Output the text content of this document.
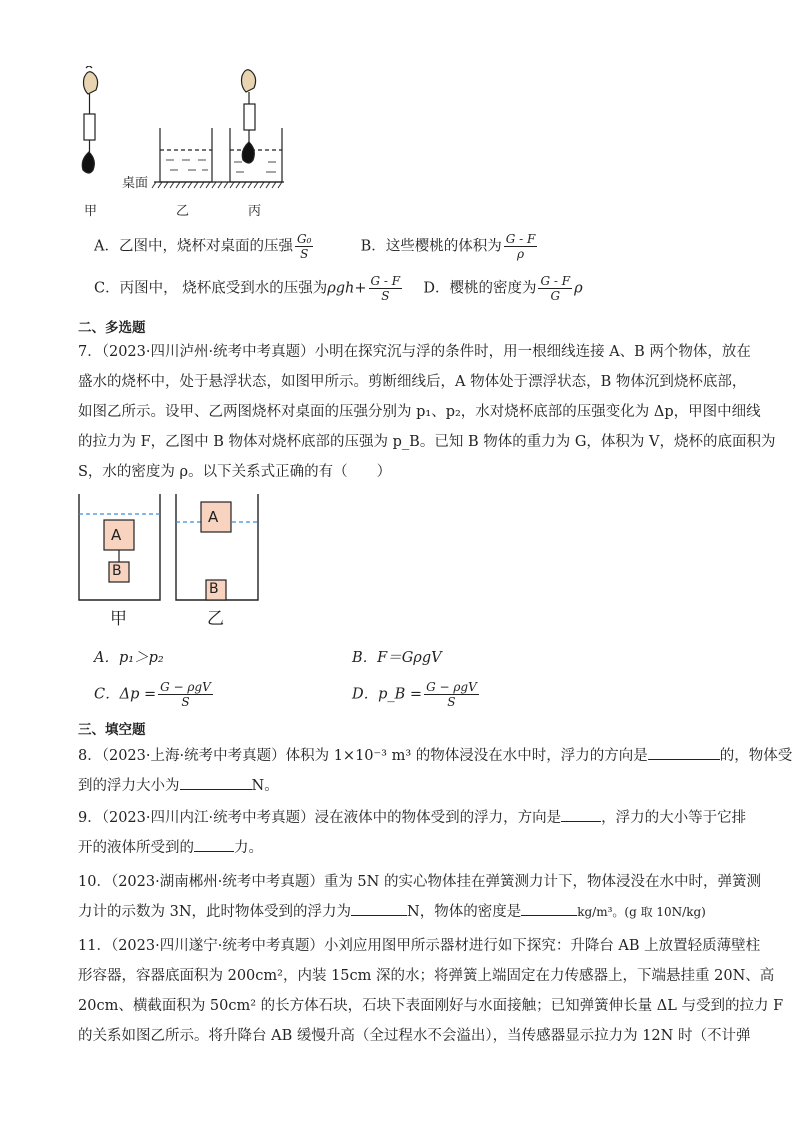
桌面
甲	乙	丙
A．乙图中，烧杯对桌面的压强 $\frac{\text{G₀}}{S}$	B．这些樱桃的体积为 $\frac{G - F}{\rho}$
C．丙图中， 烧杯底受到水的压强为$\rho gh+ \frac{G - F}{S}$ D．樱桃的密度为 $\frac{G - F}{G}$ ρ
二、多选题
7．（2023·四川泸州·统考中考真题）小明在探究沉与浮的条件时，用一根细线连接 A、B 两个物体，放在
盛水的烧杯中，处于悬浮状态，如图甲所示。剪断细线后，A 物体处于漂浮状态，B 物体沉到烧杯底部，
如图乙所示。设甲、乙两图烧杯对桌面的压强分别为 p₁、p₂，水对烧杯底部的压强变化为 Δp，甲图中细线
的拉力为 F，乙图中 B 物体对烧杯底部的压强为 p_B。已知 B 物体的重力为 G，体积为 V，烧杯的底面积为
S，水的密度为 ρ。以下关系式正确的有（　　）
A
B
A
B
甲	乙
A．p₁＞p₂	B．F＝GρgV
C．$\Delta p = \frac{\text{G − ρgV}}{S}$	D．p_B = $\frac{\text{G − ρgV}}{S}$
三、填空题
8．（2023·上海·统考中考真题）体积为 1×10⁻³ m³ 的物体浸没在水中时，浮力的方向是	的，物体受
到的浮力大小为	N。
9．（2023·四川内江·统考中考真题）浸在液体中的物体受到的浮力，方向是	，浮力的大小等于它排
开的液体所受到的	力。
10．（2023·湖南郴州·统考中考真题）重为 5N 的实心物体挂在弹簧测力计下，物体浸没在水中时，弹簧测
力计的示数为 3N，此时物体受到的浮力为	N，物体的密度是	kg/m³。(g 取 10N/kg)
11．（2023·四川遂宁·统考中考真题）小刘应用图甲所示器材进行如下探究：升降台 AB 上放置轻质薄壁柱
形容器，容器底面积为 200cm²，内装 15cm 深的水；将弹簧上端固定在力传感器上，下端悬挂重 20N、高
20cm、横截面积为 50cm² 的长方体石块，石块下表面刚好与水面接触；已知弹簧伸长量 ΔL 与受到的拉力 F
的关系如图乙所示。将升降台 AB 缓慢升高（全过程水不会溢出），当传感器显示拉力为 12N 时（不计弹
